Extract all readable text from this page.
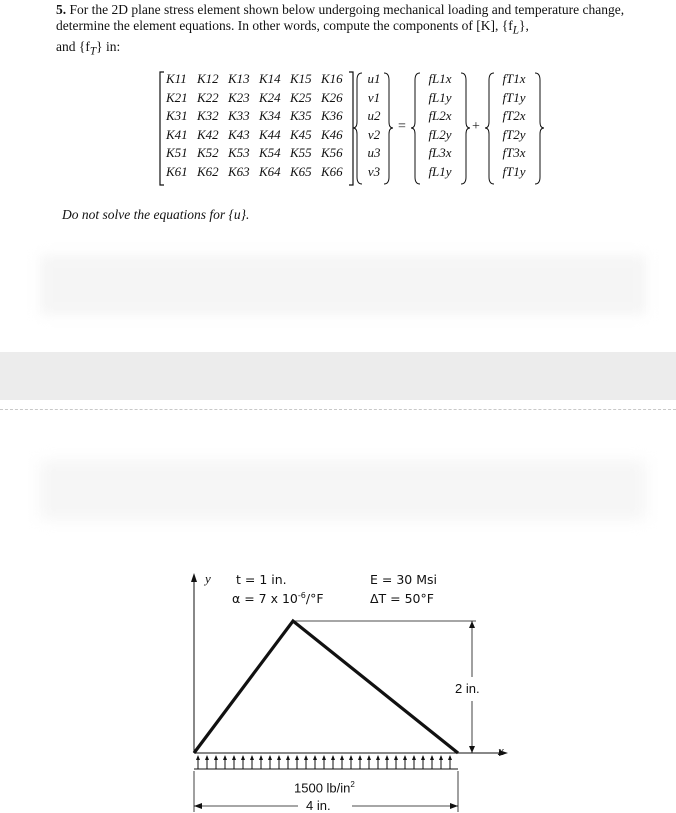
5. For the 2D plane stress element shown below undergoing mechanical loading and temperature change, determine the element equations. In other words, compute the components of [K], $\{f_L\}$,
and $\{f_T\}$ in:
K11 K12 K13 K14 K15 K16
K21 K22 K23 K24 K25 K26
K31 K32 K33 K34 K35 K36
K41 K42 K43 K44 K45 K46
K51 K52 K53 K54 K55 K56
K61 K62 K63 K64 K65 K66
u1
v1
u2
v2
u3
v3
=
fL1x
fL1y
fL2x
fL2y
fL3x
fL1y
+
fT1x
fT1y
fT2x
fT2y
fT3x
fT1y
Do not solve the equations for {u}.
y
x
t = 1 in.
α = 7 x $10^{-6}/^\circ F$
E = 30 Msi
ΔT = 50°F
2 in.
1500 $lb/in^2$
4 in.
